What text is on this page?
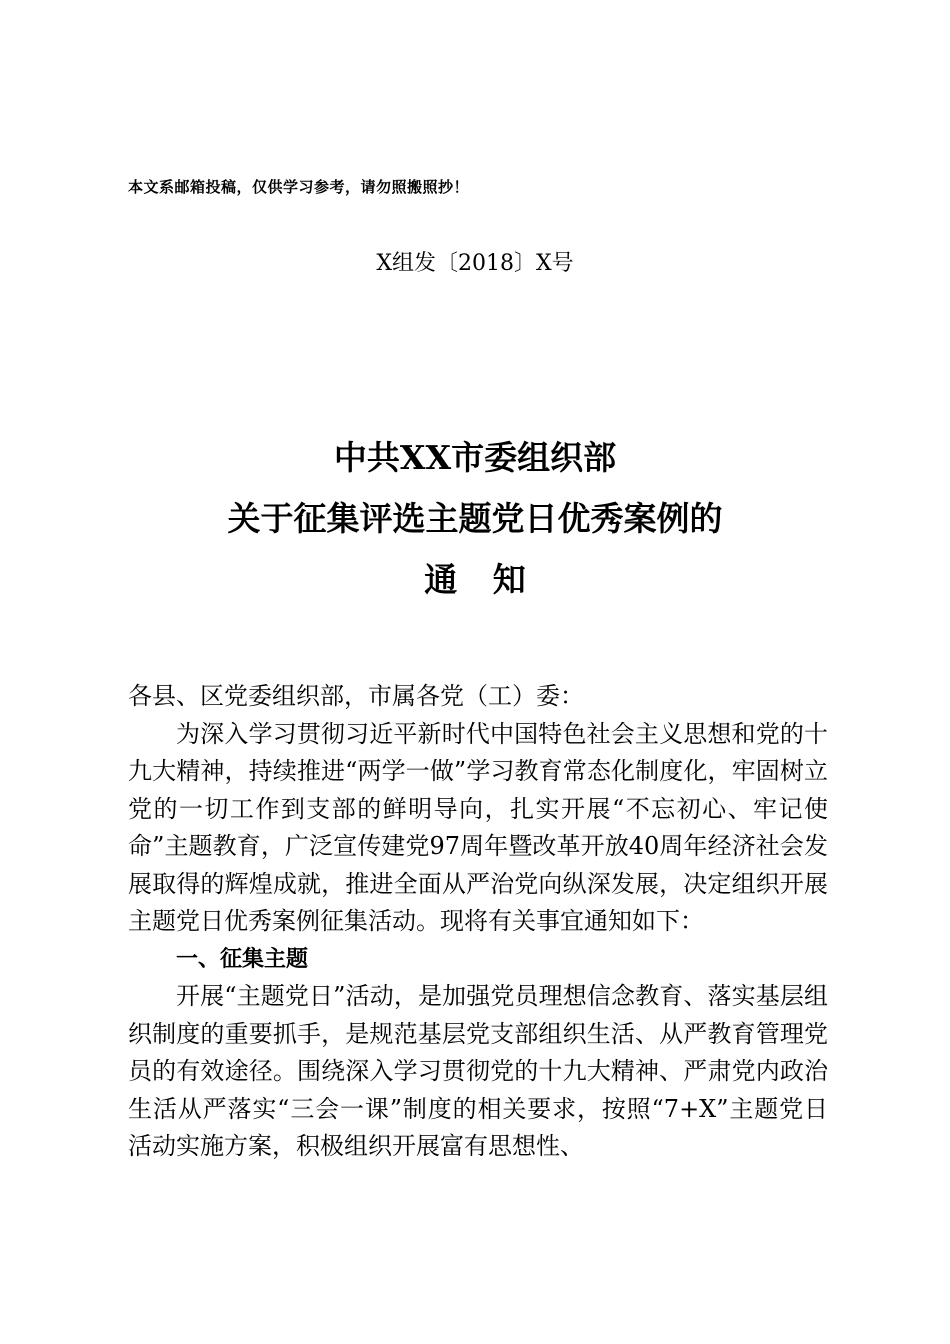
本文系邮箱投稿，仅供学习参考，请勿照搬照抄！
X组发〔2018〕X号
中共XX市委组织部
关于征集评选主题党日优秀案例的
通 知

各县、区党委组织部，市属各党（工）委：

为深入学习贯彻习近平新时代中国特色社会主义思想和党的十九大精神，持续推进“两学一做”学习教育常态化制度化，牢固树立党的一切工作到支部的鲜明导向，扎实开展“不忘初心、牢记使命”主题教育，广泛宣传建党97周年暨改革开放40周年经济社会发展取得的辉煌成就，推进全面从严治党向纵深发展，决定组织开展主题党日优秀案例征集活动。现将有关事宜通知如下：

一、征集主题

开展“主题党日”活动，是加强党员理想信念教育、落实基层组织制度的重要抓手，是规范基层党支部组织生活、从严教育管理党员的有效途径。围绕深入学习贯彻党的十九大精神、严肃党内政治生活从严落实“三会一课”制度的相关要求，按照“7+X”主题党日活动实施方案，积极组织开展富有思想性、
